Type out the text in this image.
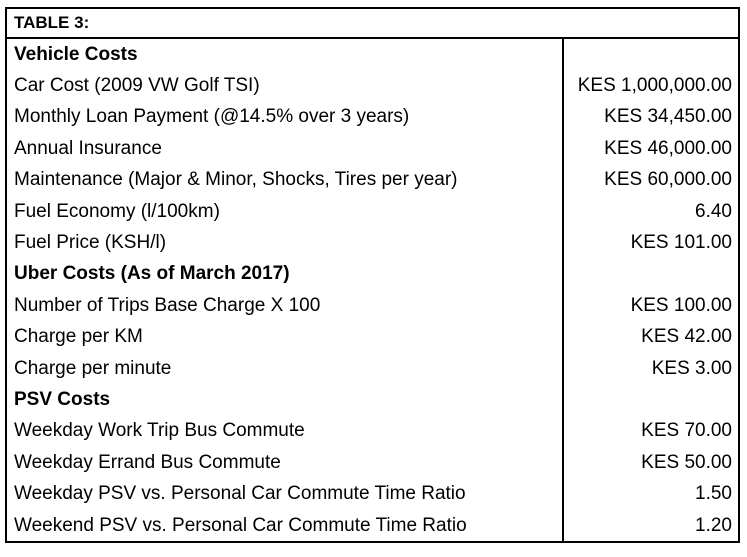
TABLE 3:
Vehicle Costs
Car Cost (2009 VW Golf TSI)	KES 1,000,000.00
Monthly Loan Payment (@14.5% over 3 years)	KES 34,450.00
Annual Insurance	KES 46,000.00
Maintenance (Major & Minor, Shocks, Tires per year)	KES 60,000.00
Fuel Economy (l/100km)	6.40
Fuel Price (KSH/l)	KES 101.00
Uber Costs (As of March 2017)
Number of Trips Base Charge X 100	KES 100.00
Charge per KM	KES 42.00
Charge per minute	KES 3.00
PSV Costs
Weekday Work Trip Bus Commute	KES 70.00
Weekday Errand Bus Commute	KES 50.00
Weekday PSV vs. Personal Car Commute Time Ratio	1.50
Weekend PSV vs. Personal Car Commute Time Ratio	1.20
